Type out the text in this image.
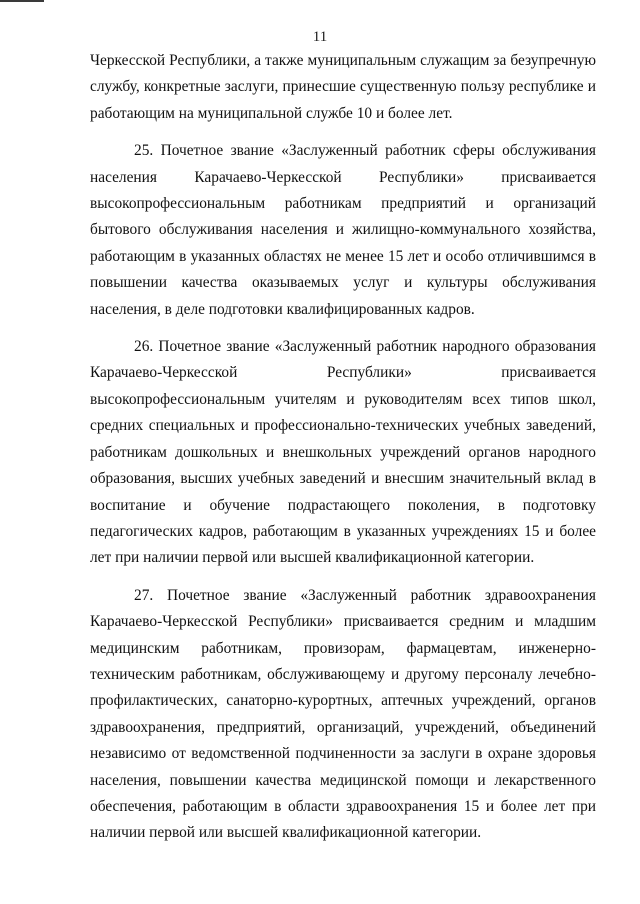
11

Черкесской Республики, а также муниципальным служащим за безупречную службу, конкретные заслуги, принесшие существенную пользу республике и работающим на муниципальной службе 10 и более лет.

25. Почетное звание «Заслуженный работник сферы обслуживания населения Карачаево-Черкесской Республики» присваивается высокопрофессиональным работникам предприятий и организаций бытового обслуживания населения и жилищно-коммунального хозяйства, работающим в указанных областях не менее 15 лет и особо отличившимся в повышении качества оказываемых услуг и культуры обслуживания населения, в деле подготовки квалифицированных кадров.

26. Почетное звание «Заслуженный работник народного образования Карачаево-Черкесской Республики» присваивается высокопрофессиональным учителям и руководителям всех типов школ, средних специальных и профессионально-технических учебных заведений, работникам дошкольных и внешкольных учреждений органов народного образования, высших учебных заведений и внесшим значительный вклад в воспитание и обучение подрастающего поколения, в подготовку педагогических кадров, работающим в указанных учреждениях 15 и более лет при наличии первой или высшей квалификационной категории.

27. Почетное звание «Заслуженный работник здравоохранения Карачаево-Черкесской Республики» присваивается средним и младшим медицинским работникам, провизорам, фармацевтам, инженерно-техническим работникам, обслуживающему и другому персоналу лечебно-профилактических, санаторно-курортных, аптечных учреждений, органов здравоохранения, предприятий, организаций, учреждений, объединений независимо от ведомственной подчиненности за заслуги в охране здоровья населения, повышении качества медицинской помощи и лекарственного обеспечения, работающим в области здравоохранения 15 и более лет при наличии первой или высшей квалификационной категории.
